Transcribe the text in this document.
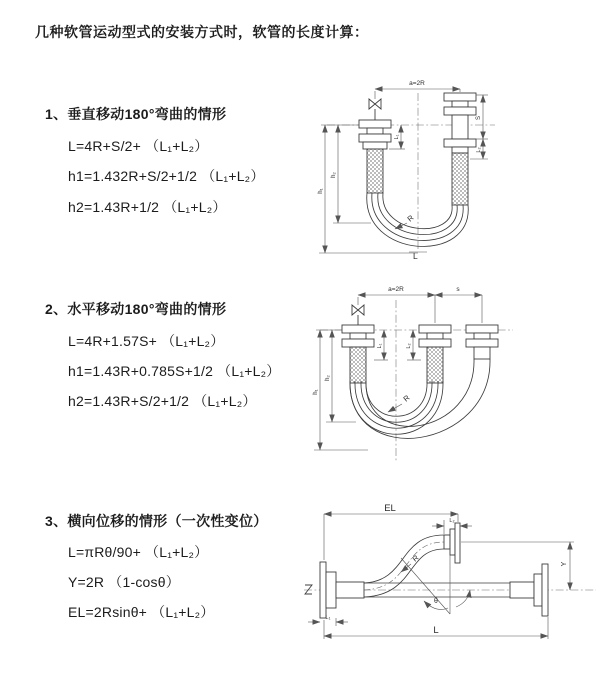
几种软管运动型式的安装方式时，软管的长度计算：
1、垂直移动180°弯曲的情形
L=4R+S/2+ （L₁+L₂）
h1=1.432R+S/2+1/2 （L₁+L₂）
h2=1.43R+1/2 （L₁+L₂）
2、水平移动180°弯曲的情形
L=4R+1.57S+ （L₁+L₂）
h1=1.43R+0.785S+1/2 （L₁+L₂）
h2=1.43R+S/2+1/2 （L₁+L₂）
3、横向位移的情形（一次性变位）
L=πRθ/90+ （L₁+L₂）
Y=2R （1-cosθ）
EL=2Rsinθ+ （L₁+L₂）
a=2R
R
h₁
h₂
L₁
S
L₂
L
a=2R	s
L₁	L₂
h₁
h₂
R
θ
R
EL
L₂
Y
L
L₁
